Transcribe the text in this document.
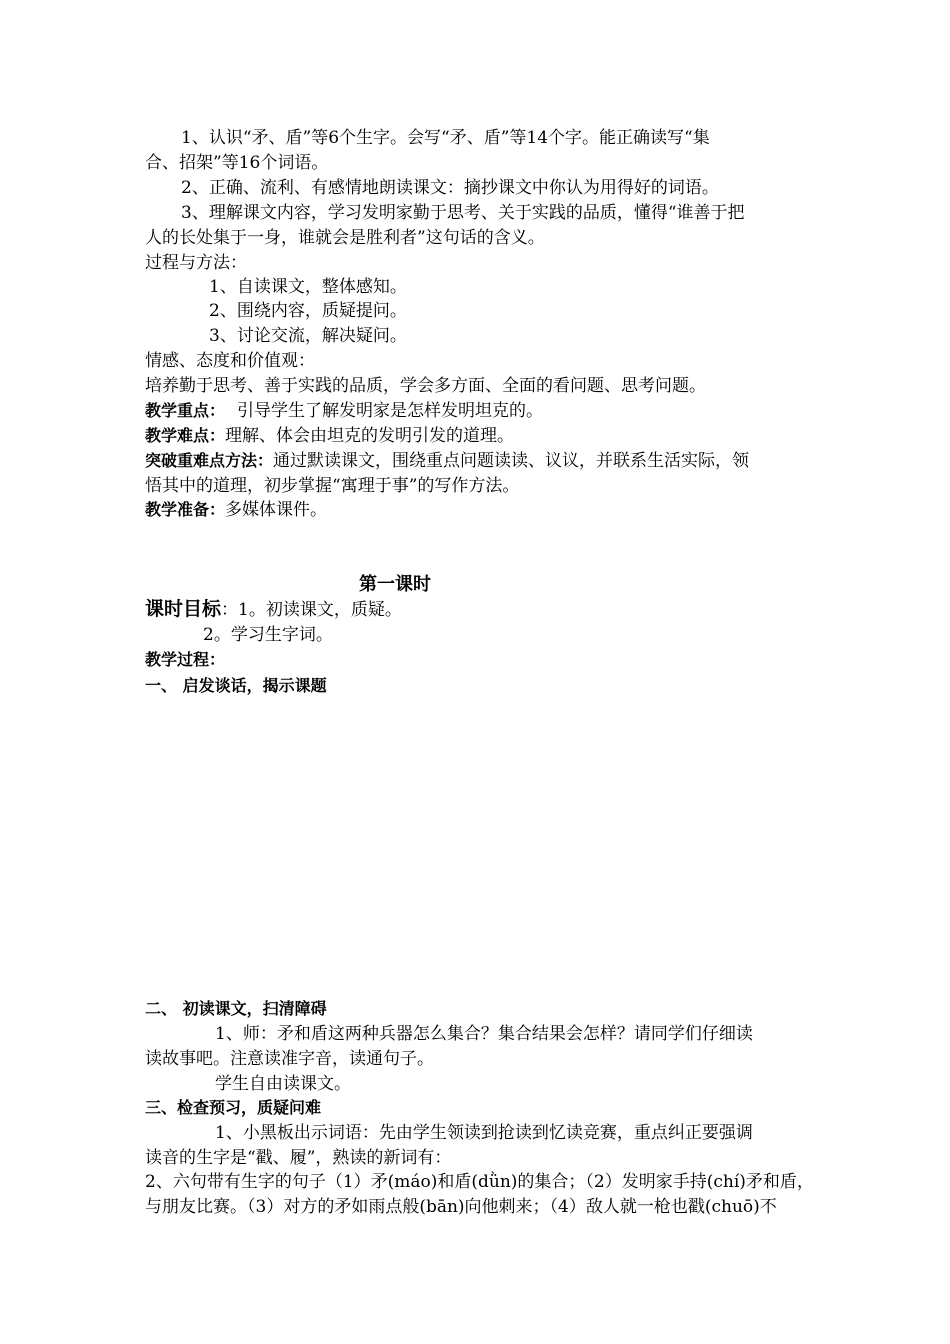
1、认识“矛、盾”等6个生字。会写“矛、盾”等14个字。能正确读写“集
合、招架”等16个词语。
2、正确、流利、有感情地朗读课文：摘抄课文中你认为用得好的词语。
3、理解课文内容，学习发明家勤于思考、关于实践的品质，懂得“谁善于把
人的长处集于一身，谁就会是胜利者”这句话的含义。
过程与方法：
1、自读课文，整体感知。
2、围绕内容，质疑提问。
3、讨论交流，解决疑问。
情感、态度和价值观：
培养勤于思考、善于实践的品质，学会多方面、全面的看问题、思考问题。
教学重点： 引导学生了解发明家是怎样发明坦克的。
教学难点：理解、体会由坦克的发明引发的道理。
突破重难点方法：通过默读课文，围绕重点问题读读、议议，并联系生活实际，领
悟其中的道理，初步掌握“寓理于事”的写作方法。
教学准备：多媒体课件。
第一课时
课时目标：1。初读课文，质疑。
2。学习生字词。
教学过程：
一、 启发谈话，揭示课题
二、 初读课文，扫清障碍
1、师：矛和盾这两种兵器怎么集合？集合结果会怎样？请同学们仔细读
读故事吧。注意读准字音，读通句子。
学生自由读课文。
三、检查预习，质疑问难
1、小黑板出示词语：先由学生领读到抢读到忆读竞赛，重点纠正要强调
读音的生字是“戳、履”，熟读的新词有：
2、六句带有生字的句子（1）矛(máo)和盾(dǜn)的集合；（2）发明家手持(chí)矛和盾，
与朋友比赛。（3）对方的矛如雨点般(bān)向他刺来；（4）敌人就一枪也戳(chuō)不
